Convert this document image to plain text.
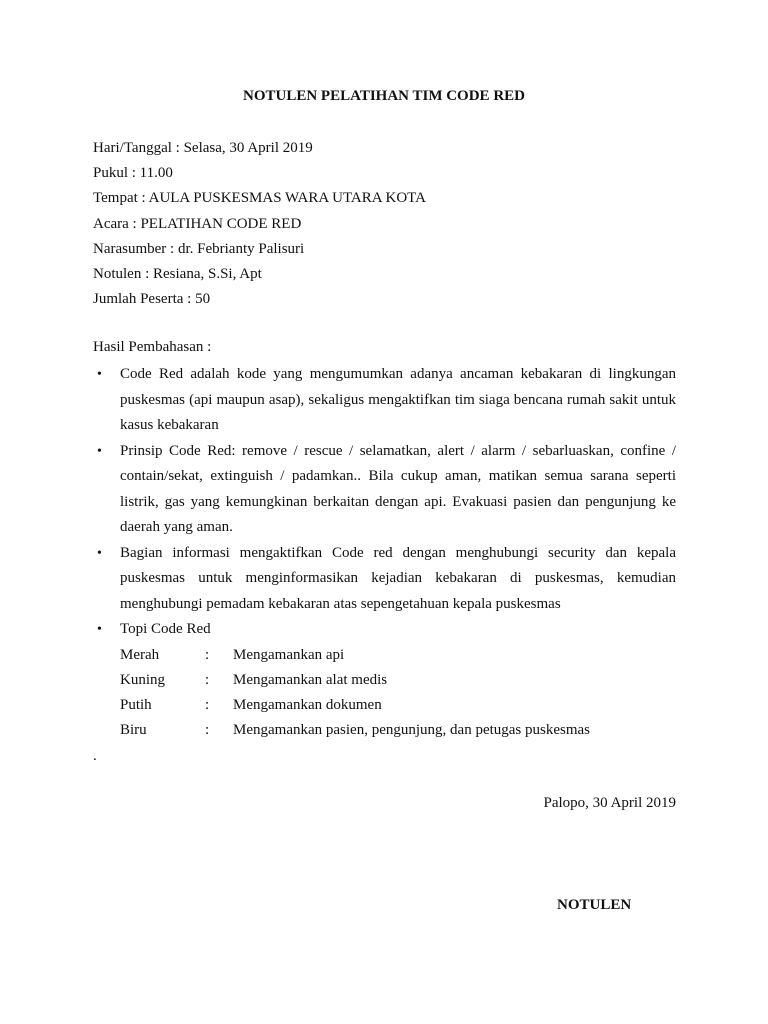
NOTULEN PELATIHAN TIM CODE RED
Hari/Tanggal : Selasa, 30 April 2019
Pukul : 11.00
Tempat : AULA PUSKESMAS WARA UTARA KOTA
Acara : PELATIHAN CODE RED
Narasumber : dr. Febrianty Palisuri
Notulen : Resiana, S.Si, Apt
Jumlah Peserta : 50
Hasil Pembahasan :
• Code Red adalah kode yang mengumumkan adanya ancaman kebakaran di lingkungan puskesmas (api maupun asap), sekaligus mengaktifkan tim siaga bencana rumah sakit untuk kasus kebakaran
• Prinsip Code Red: remove / rescue / selamatkan, alert / alarm / sebarluaskan, confine / contain/sekat, extinguish / padamkan.. Bila cukup aman, matikan semua sarana seperti listrik, gas yang kemungkinan berkaitan dengan api. Evakuasi pasien dan pengunjung ke daerah yang aman.
• Bagian informasi mengaktifkan Code red dengan menghubungi security dan kepala puskesmas untuk menginformasikan kejadian kebakaran di puskesmas, kemudian menghubungi pemadam kebakaran atas sepengetahuan kepala puskesmas
• Topi Code Red
Merah	:	Mengamankan api
Kuning	:	Mengamankan alat medis
Putih	:	Mengamankan dokumen
Biru	:	Mengamankan pasien, pengunjung, dan petugas puskesmas
.
Palopo, 30 April 2019
NOTULEN
